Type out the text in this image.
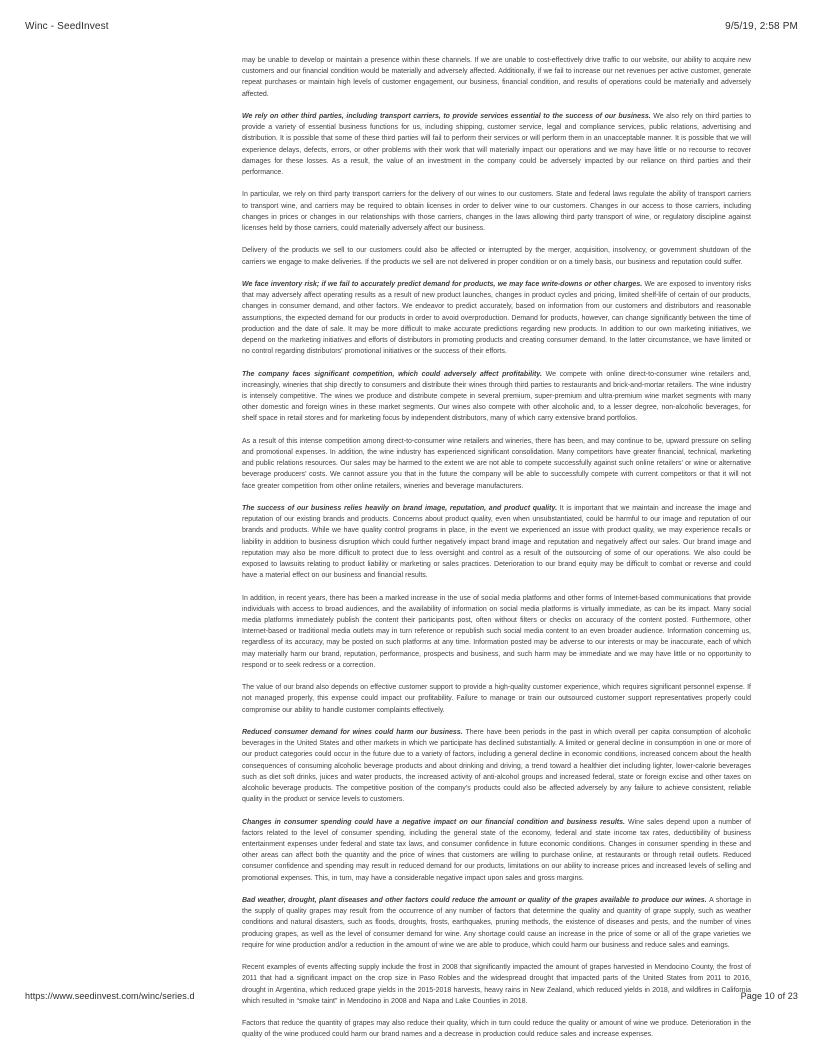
Winc - SeedInvest	9/5/19, 2:58 PM

may be unable to develop or maintain a presence within these channels. If we are unable to cost-effectively drive traffic to our website, our ability to acquire new customers and our financial condition would be materially and adversely affected. Additionally, if we fail to increase our net revenues per active customer, generate repeat purchases or maintain high levels of customer engagement, our business, financial condition, and results of operations could be materially and adversely affected.

We rely on other third parties, including transport carriers, to provide services essential to the success of our business. We also rely on third parties to provide a variety of essential business functions for us, including shipping, customer service, legal and compliance services, public relations, advertising and distribution. It is possible that some of these third parties will fail to perform their services or will perform them in an unacceptable manner. It is possible that we will experience delays, defects, errors, or other problems with their work that will materially impact our operations and we may have little or no recourse to recover damages for these losses. As a result, the value of an investment in the company could be adversely impacted by our reliance on third parties and their performance.

In particular, we rely on third party transport carriers for the delivery of our wines to our customers. State and federal laws regulate the ability of transport carriers to transport wine, and carriers may be required to obtain licenses in order to deliver wine to our customers. Changes in our access to those carriers, including changes in prices or changes in our relationships with those carriers, changes in the laws allowing third party transport of wine, or regulatory discipline against licenses held by those carriers, could materially adversely affect our business.

Delivery of the products we sell to our customers could also be affected or interrupted by the merger, acquisition, insolvency, or government shutdown of the carriers we engage to make deliveries. If the products we sell are not delivered in proper condition or on a timely basis, our business and reputation could suffer.

We face inventory risk; if we fail to accurately predict demand for products, we may face write-downs or other charges. We are exposed to inventory risks that may adversely affect operating results as a result of new product launches, changes in product cycles and pricing, limited shelf-life of certain of our products, changes in consumer demand, and other factors. We endeavor to predict accurately, based on information from our customers and distributors and reasonable assumptions, the expected demand for our products in order to avoid overproduction. Demand for products, however, can change significantly between the time of production and the date of sale. It may be more difficult to make accurate predictions regarding new products. In addition to our own marketing initiatives, we depend on the marketing initiatives and efforts of distributors in promoting products and creating consumer demand. In the latter circumstance, we have limited or no control regarding distributors’ promotional initiatives or the success of their efforts.

The company faces significant competition, which could adversely affect profitability. We compete with online direct-to-consumer wine retailers and, increasingly, wineries that ship directly to consumers and distribute their wines through third parties to restaurants and brick-and-mortar retailers. The wine industry is intensely competitive. The wines we produce and distribute compete in several premium, super-premium and ultra-premium wine market segments with many other domestic and foreign wines in these market segments. Our wines also compete with other alcoholic and, to a lesser degree, non-alcoholic beverages, for shelf space in retail stores and for marketing focus by independent distributors, many of which carry extensive brand portfolios.

As a result of this intense competition among direct-to-consumer wine retailers and wineries, there has been, and may continue to be, upward pressure on selling and promotional expenses. In addition, the wine industry has experienced significant consolidation. Many competitors have greater financial, technical, marketing and public relations resources. Our sales may be harmed to the extent we are not able to compete successfully against such online retailers’ or wine or alternative beverage producers’ costs. We cannot assure you that in the future the company will be able to successfully compete with current competitors or that it will not face greater competition from other online retailers, wineries and beverage manufacturers.

The success of our business relies heavily on brand image, reputation, and product quality. It is important that we maintain and increase the image and reputation of our existing brands and products. Concerns about product quality, even when unsubstantiated, could be harmful to our image and reputation of our brands and products. While we have quality control programs in place, in the event we experienced an issue with product quality, we may experience recalls or liability in addition to business disruption which could further negatively impact brand image and reputation and negatively affect our sales. Our brand image and reputation may also be more difficult to protect due to less oversight and control as a result of the outsourcing of some of our operations. We also could be exposed to lawsuits relating to product liability or marketing or sales practices. Deterioration to our brand equity may be difficult to combat or reverse and could have a material effect on our business and financial results.

In addition, in recent years, there has been a marked increase in the use of social media platforms and other forms of Internet-based communications that provide individuals with access to broad audiences, and the availability of information on social media platforms is virtually immediate, as can be its impact. Many social media platforms immediately publish the content their participants post, often without filters or checks on accuracy of the content posted. Furthermore, other Internet-based or traditional media outlets may in turn reference or republish such social media content to an even broader audience. Information concerning us, regardless of its accuracy, may be posted on such platforms at any time. Information posted may be adverse to our interests or may be inaccurate, each of which may materially harm our brand, reputation, performance, prospects and business, and such harm may be immediate and we may have little or no opportunity to respond or to seek redress or a correction.

The value of our brand also depends on effective customer support to provide a high-quality customer experience, which requires significant personnel expense. If not managed properly, this expense could impact our profitability. Failure to manage or train our outsourced customer support representatives properly could compromise our ability to handle customer complaints effectively.

Reduced consumer demand for wines could harm our business. There have been periods in the past in which overall per capita consumption of alcoholic beverages in the United States and other markets in which we participate has declined substantially. A limited or general decline in consumption in one or more of our product categories could occur in the future due to a variety of factors, including a general decline in economic conditions, increased concern about the health consequences of consuming alcoholic beverage products and about drinking and driving, a trend toward a healthier diet including lighter, lower-calorie beverages such as diet soft drinks, juices and water products, the increased activity of anti-alcohol groups and increased federal, state or foreign excise and other taxes on alcoholic beverage products. The competitive position of the company’s products could also be affected adversely by any failure to achieve consistent, reliable quality in the product or service levels to customers.

Changes in consumer spending could have a negative impact on our financial condition and business results. Wine sales depend upon a number of factors related to the level of consumer spending, including the general state of the economy, federal and state income tax rates, deductibility of business entertainment expenses under federal and state tax laws, and consumer confidence in future economic conditions. Changes in consumer spending in these and other areas can affect both the quantity and the price of wines that customers are willing to purchase online, at restaurants or through retail outlets. Reduced consumer confidence and spending may result in reduced demand for our products, limitations on our ability to increase prices and increased levels of selling and promotional expenses. This, in turn, may have a considerable negative impact upon sales and gross margins.

Bad weather, drought, plant diseases and other factors could reduce the amount or quality of the grapes available to produce our wines. A shortage in the supply of quality grapes may result from the occurrence of any number of factors that determine the quality and quantity of grape supply, such as weather conditions and natural disasters, such as floods, droughts, frosts, earthquakes, pruning methods, the existence of diseases and pests, and the number of vines producing grapes, as well as the level of consumer demand for wine. Any shortage could cause an increase in the price of some or all of the grape varieties we require for wine production and/or a reduction in the amount of wine we are able to produce, which could harm our business and reduce sales and earnings.

Recent examples of events affecting supply include the frost in 2008 that significantly impacted the amount of grapes harvested in Mendocino County, the frost of 2011 that had a significant impact on the crop size in Paso Robles and the widespread drought that impacted parts of the United States from 2011 to 2016, drought in Argentina, which reduced grape yields in the 2015-2018 harvests, heavy rains in New Zealand, which reduced yields in 2018, and wildfires in California which resulted in “smoke taint” in Mendocino in 2008 and Napa and Lake Counties in 2018.

Factors that reduce the quantity of grapes may also reduce their quality, which in turn could reduce the quality or amount of wine we produce. Deterioration in the quality of the wine produced could harm our brand names and a decrease in production could reduce sales and increase expenses.

https://www.seedinvest.com/winc/series.d	Page 10 of 23
